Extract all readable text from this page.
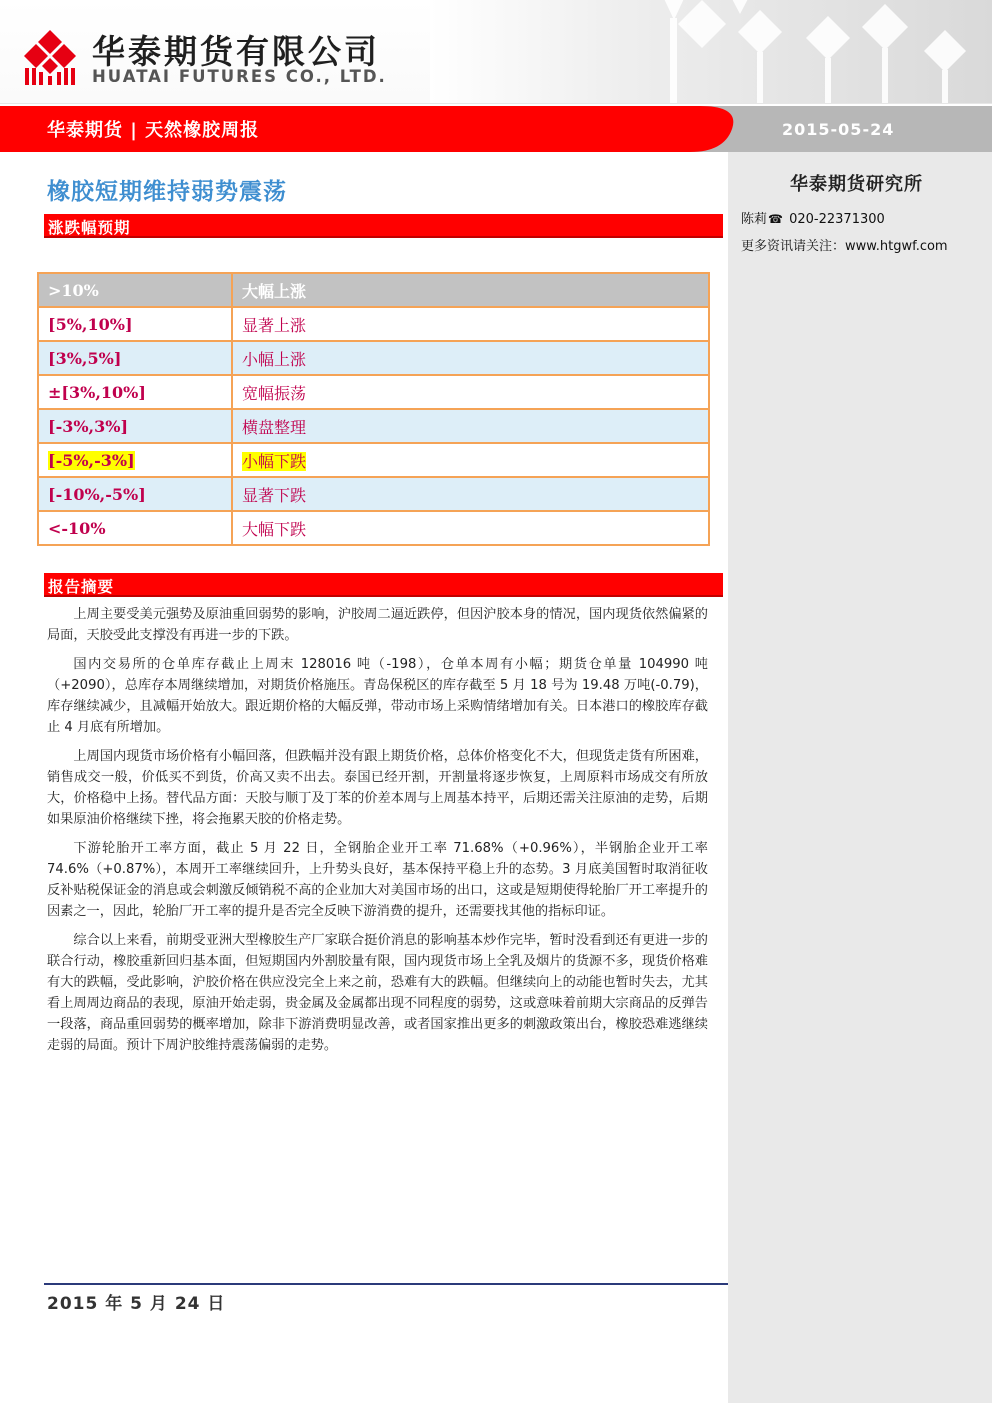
华泰期货有限公司
HUATAI FUTURES CO., LTD.
华泰期货 | 天然橡胶周报	2015-05-24
华泰期货研究所
陈莉☎ 020-22371300
更多资讯请关注：www.htgwf.com
橡胶短期维持弱势震荡
涨跌幅预期
>10%	大幅上涨
[5%,10%]	显著上涨
[3%,5%]	小幅上涨
±[3%,10%]	宽幅振荡
[-3%,3%]	横盘整理
[-5%,-3%]	小幅下跌
[-10%,-5%]	显著下跌
<-10%	大幅下跌
报告摘要

上周主要受美元强势及原油重回弱势的影响，沪胶周二逼近跌停，但因沪胶本身的情况，国内现货依然偏紧的局面，天胶受此支撑没有再进一步的下跌。

国内交易所的仓单库存截止上周末 128016 吨（-198），仓单本周有小幅；期货仓单量 104990 吨（+2090），总库存本周继续增加，对期货价格施压。青岛保税区的库存截至 5 月 18 号为 19.48 万吨(-0.79)，库存继续减少，且减幅开始放大。跟近期价格的大幅反弹，带动市场上采购情绪增加有关。日本港口的橡胶库存截止 4 月底有所增加。

上周国内现货市场价格有小幅回落，但跌幅并没有跟上期货价格，总体价格变化不大，但现货走货有所困难，销售成交一般，价低买不到货，价高又卖不出去。泰国已经开割，开割量将逐步恢复，上周原料市场成交有所放大，价格稳中上扬。替代品方面：天胶与顺丁及丁苯的价差本周与上周基本持平，后期还需关注原油的走势，后期如果原油价格继续下挫，将会拖累天胶的价格走势。

下游轮胎开工率方面，截止 5 月 22 日，全钢胎企业开工率 71.68%（+0.96%），半钢胎企业开工率 74.6%（+0.87%），本周开工率继续回升，上升势头良好，基本保持平稳上升的态势。3 月底美国暂时取消征收反补贴税保证金的消息或会刺激反倾销税不高的企业加大对美国市场的出口，这或是短期使得轮胎厂开工率提升的因素之一，因此，轮胎厂开工率的提升是否完全反映下游消费的提升，还需要找其他的指标印证。

综合以上来看，前期受亚洲大型橡胶生产厂家联合挺价消息的影响基本炒作完毕，暂时没看到还有更进一步的联合行动，橡胶重新回归基本面，但短期国内外割胶量有限，国内现货市场上全乳及烟片的货源不多，现货价格难有大的跌幅，受此影响，沪胶价格在供应没完全上来之前，恐难有大的跌幅。但继续向上的动能也暂时失去，尤其看上周周边商品的表现，原油开始走弱，贵金属及金属都出现不同程度的弱势，这或意味着前期大宗商品的反弹告一段落，商品重回弱势的概率增加，除非下游消费明显改善，或者国家推出更多的刺激政策出台，橡胶恐难逃继续走弱的局面。预计下周沪胶维持震荡偏弱的走势。

2015 年 5 月 24 日
